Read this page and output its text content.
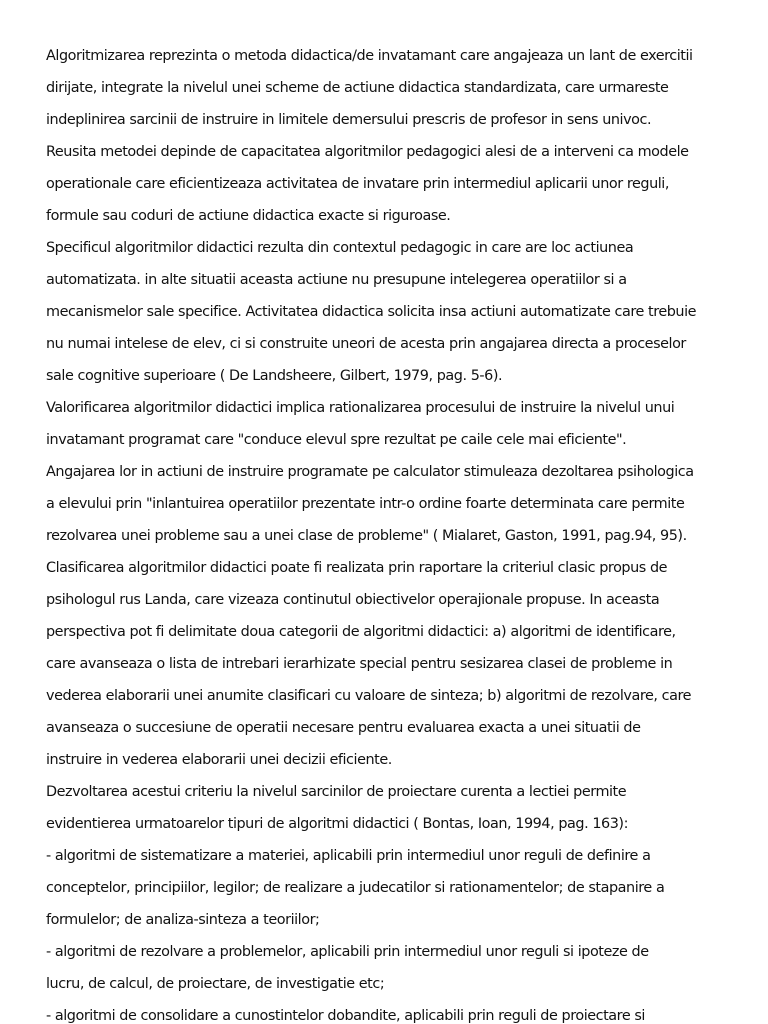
Algoritmizarea reprezinta o metoda didactica/de invatamant care angajeaza un lant de exercitii
dirijate, integrate la nivelul unei scheme de actiune didactica standardizata, care urmareste
indeplinirea sarcinii de instruire in limitele demersului prescris de profesor in sens univoc.
Reusita metodei depinde de capacitatea algoritmilor pedagogici alesi de a interveni ca modele
operationale care eficientizeaza activitatea de invatare prin intermediul aplicarii unor reguli,
formule sau coduri de actiune didactica exacte si riguroase.
Specificul algoritmilor didactici rezulta din contextul pedagogic in care are loc actiunea
automatizata. in alte situatii aceasta actiune nu presupune intelegerea operatiilor si a
mecanismelor sale specifice. Activitatea didactica solicita insa actiuni automatizate care trebuie
nu numai intelese de elev, ci si construite uneori de acesta prin angajarea directa a proceselor
sale cognitive superioare ( De Landsheere, Gilbert, 1979, pag. 5-6).
Valorificarea algoritmilor didactici implica rationalizarea procesului de instruire la nivelul unui
invatamant programat care "conduce elevul spre rezultat pe caile cele mai eficiente".
Angajarea lor in actiuni de instruire programate pe calculator stimuleaza dezoltarea psihologica
a elevului prin "inlantuirea operatiilor prezentate intr-o ordine foarte determinata care permite
rezolvarea unei probleme sau a unei clase de probleme" ( Mialaret, Gaston, 1991, pag.94, 95).
Clasificarea algoritmilor didactici poate fi realizata prin raportare la criteriul clasic propus de
psihologul rus Landa, care vizeaza continutul obiectivelor operajionale propuse. In aceasta
perspectiva pot fi delimitate doua categorii de algoritmi didactici: a) algoritmi de identificare,
care avanseaza o lista de intrebari ierarhizate special pentru sesizarea clasei de probleme in
vederea elaborarii unei anumite clasificari cu valoare de sinteza; b) algoritmi de rezolvare, care
avanseaza o succesiune de operatii necesare pentru evaluarea exacta a unei situatii de
instruire in vederea elaborarii unei decizii eficiente.
Dezvoltarea acestui criteriu la nivelul sarcinilor de proiectare curenta a lectiei permite
evidentierea urmatoarelor tipuri de algoritmi didactici ( Bontas, Ioan, 1994, pag. 163):
- algoritmi de sistematizare a materiei, aplicabili prin intermediul unor reguli de definire a
conceptelor, principiilor, legilor; de realizare a judecatilor si rationamentelor; de stapanire a
formulelor; de analiza-sinteza a teoriilor;
- algoritmi de rezolvare a problemelor, aplicabili prin intermediul unor reguli si ipoteze de
lucru, de calcul, de proiectare, de investigatie etc;
- algoritmi de consolidare a cunostintelor dobandite, aplicabili prin reguli de proiectare si
